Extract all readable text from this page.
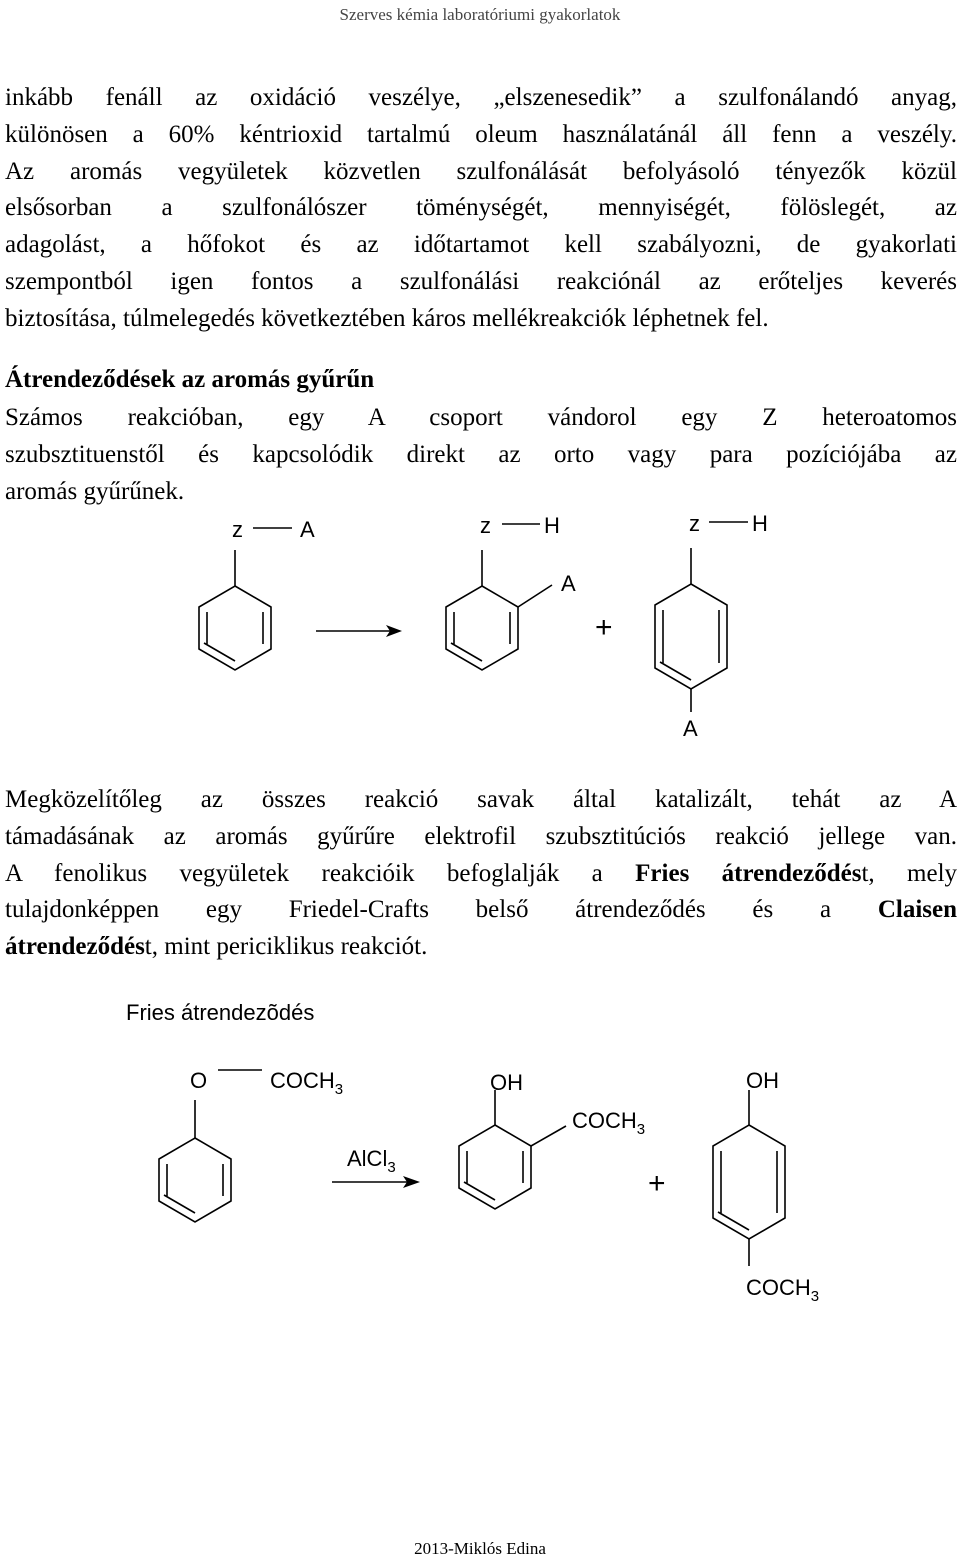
Szerves kémia laboratóriumi gyakorlatok
inkább fenáll az oxidáció veszélye, „elszenesedik” a szulfonálandó anyag,
különösen a 60% kéntrioxid tartalmú oleum használatánál áll fenn a veszély.
Az aromás vegyületek közvetlen szulfonálását befolyásoló tényezők közül
elsősorban a szulfonálószer töménységét, mennyiségét, fölöslegét, az
adagolást, a hőfokot és az időtartamot kell szabályozni, de gyakorlati
szempontból igen fontos a szulfonálási reakciónál az erőteljes keverés
biztosítása, túlmelegedés következtében káros mellékreakciók léphetnek fel.
Átrendeződések az aromás gyűrűn
Számos reakcióban, egy A csoport vándorol egy Z heteroatomos
szubsztituenstől és kapcsolódik direkt az orto vagy para pozíciójába az
aromás gyűrűnek.
z	A	z H
A
z H
A
+
Megközelítőleg az összes reakció savak által katalizált, tehát az A
támadásának az aromás gyűrűre elektrofil szubsztitúciós reakció jellege van.
A fenolikus vegyületek reakcióik befoglalják a Fries átrendeződést, mely
tulajdonképpen egy Friedel-Crafts belső átrendeződés és a Claisen
átrendeződést, mint periciklikus reakciót.
Fries átrendezõdés
O	$COCH_3$
AlCl$_3$
OH
$COCH_3$
OH
$COCH_3$
+
2013-Miklós Edina
